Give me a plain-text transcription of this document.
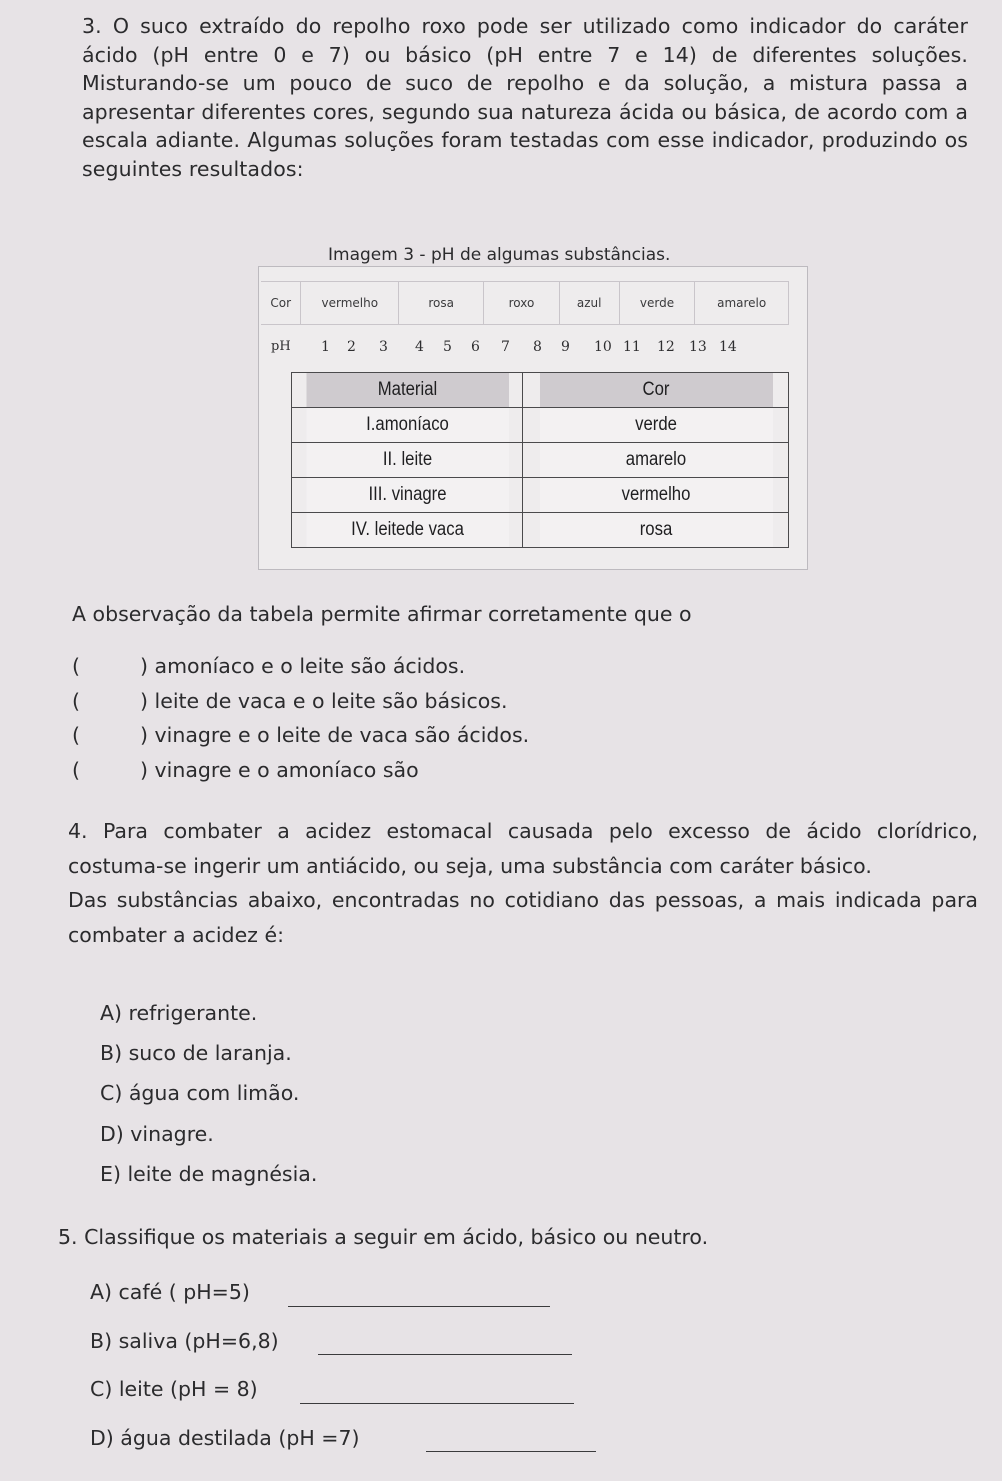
3. O suco extraído do repolho roxo pode ser utilizado como indicador do caráter ácido (pH entre 0 e 7) ou básico (pH entre 7 e 14) de diferentes soluções. Misturando-se um pouco de suco de repolho e da solução, a mistura passa a apresentar diferentes cores, segundo sua natureza ácida ou básica, de acordo com a escala adiante. Algumas soluções foram testadas com esse indicador, produzindo os seguintes resultados:
Imagem 3 - pH de algumas substâncias.
Cor	vermelho	rosa	roxo	azul	verde	amarelo
pH 1 2 3 4 5 6 7 8 9 10 11 12 13 14
Material	Cor
I.amoníaco	verde
II. leite	amarelo
III. vinagre	vermelho
IV. leitede vaca	rosa
A observação da tabela permite afirmar corretamente que o
(	) amoníaco e o leite são ácidos.
(	) leite de vaca e o leite são básicos.
(	) vinagre e o leite de vaca são ácidos.
(	) vinagre e o amoníaco são

4. Para combater a acidez estomacal causada pelo excesso de ácido clorídrico, costuma-se ingerir um antiácido, ou seja, uma substância com caráter básico.

Das substâncias abaixo, encontradas no cotidiano das pessoas, a mais indicada para combater a acidez é:

A) refrigerante.
B) suco de laranja.
C) água com limão.
D) vinagre.
E) leite de magnésia.
5. Classifique os materiais a seguir em ácido, básico ou neutro.
A) café ( pH=5)
B) saliva (pH=6,8)
C) leite (pH = 8)
D) água destilada (pH =7)
